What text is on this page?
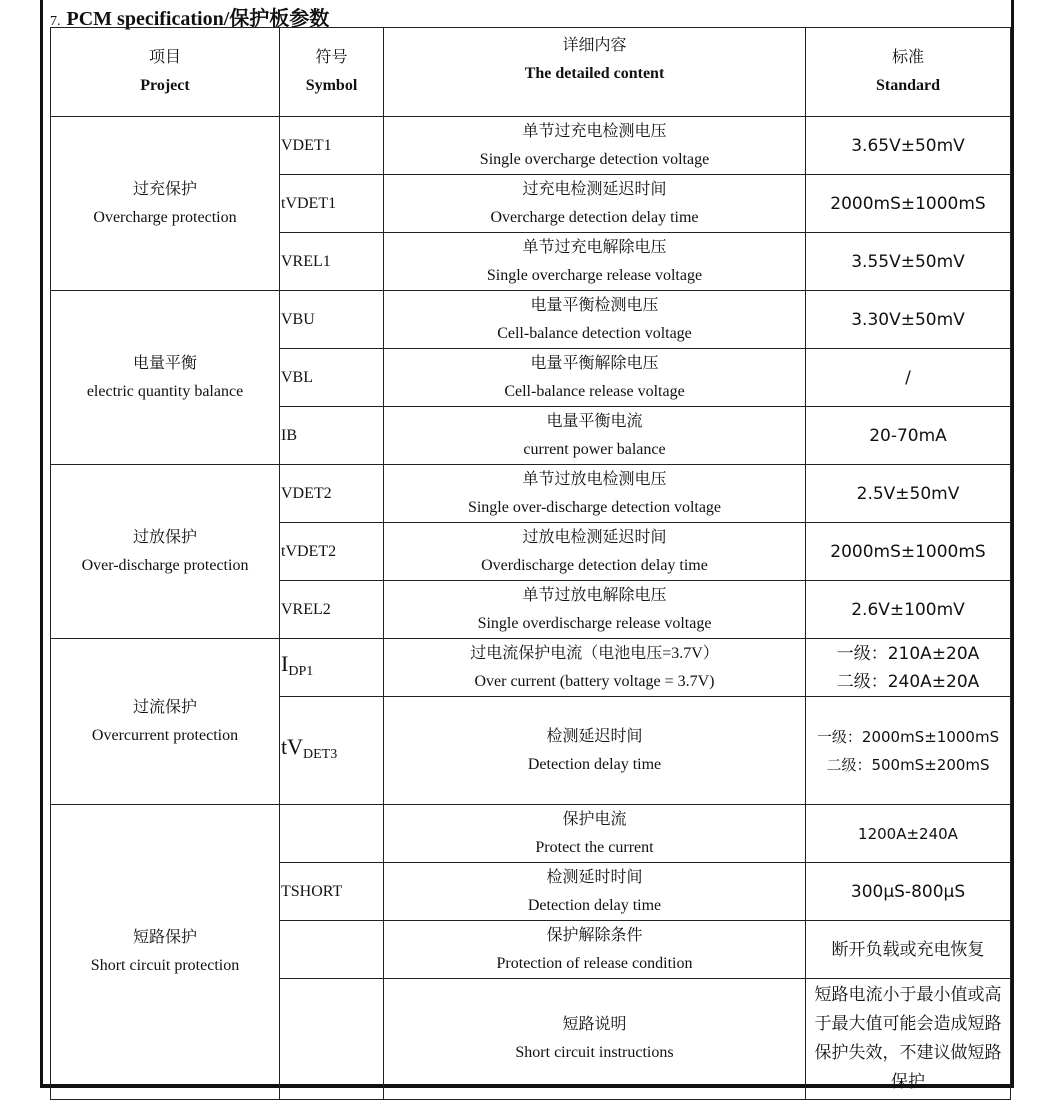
7. PCM specification/保护板参数
项目
Project	符号
Symbol	详细内容
The detailed content	标准
Standard

过充保护
Overcharge protection	VDET1	单节过充电检测电压
Single overcharge detection voltage	3.65V±50mV
	tVDET1	过充电检测延迟时间
Overcharge detection delay time	2000mS±1000mS
	VREL1	单节过充电解除电压
Single overcharge release voltage	3.55V±50mV

电量平衡
electric quantity balance	VBU	电量平衡检测电压
Cell-balance detection voltage	3.30V±50mV
	VBL	电量平衡解除电压
Cell-balance release voltage	/
	IB	电量平衡电流
current power balance	20-70mA

过放保护
Over-discharge protection	VDET2	单节过放电检测电压
Single over-discharge detection voltage	2.5V±50mV
	tVDET2	过放电检测延迟时间
Overdischarge detection delay time	2000mS±1000mS
	VREL2	单节过放电解除电压
Single overdischarge release voltage	2.6V±100mV

过流保护
Overcurrent protection	$I_{DP1}$	过电流保护电流（电池电压=3.7V）
Over current (battery voltage = 3.7V)	一级：210A±20A
二级：240A±20A

	$tV_{DET3}$	检测延迟时间
Detection delay time	一级：2000mS±1000mS
二级：500mS±200mS

短路保护
Short circuit protection		保护电流
Protect the current	1200A±240A
	TSHORT	检测延时时间
Detection delay time	300μS-800μS

		保护解除条件
Protection of release condition	断开负载或充电恢复

		短路说明
Short circuit instructions	短路电流小于最小值或高
于最大值可能会造成短路
保护失效，不建议做短路
保护
